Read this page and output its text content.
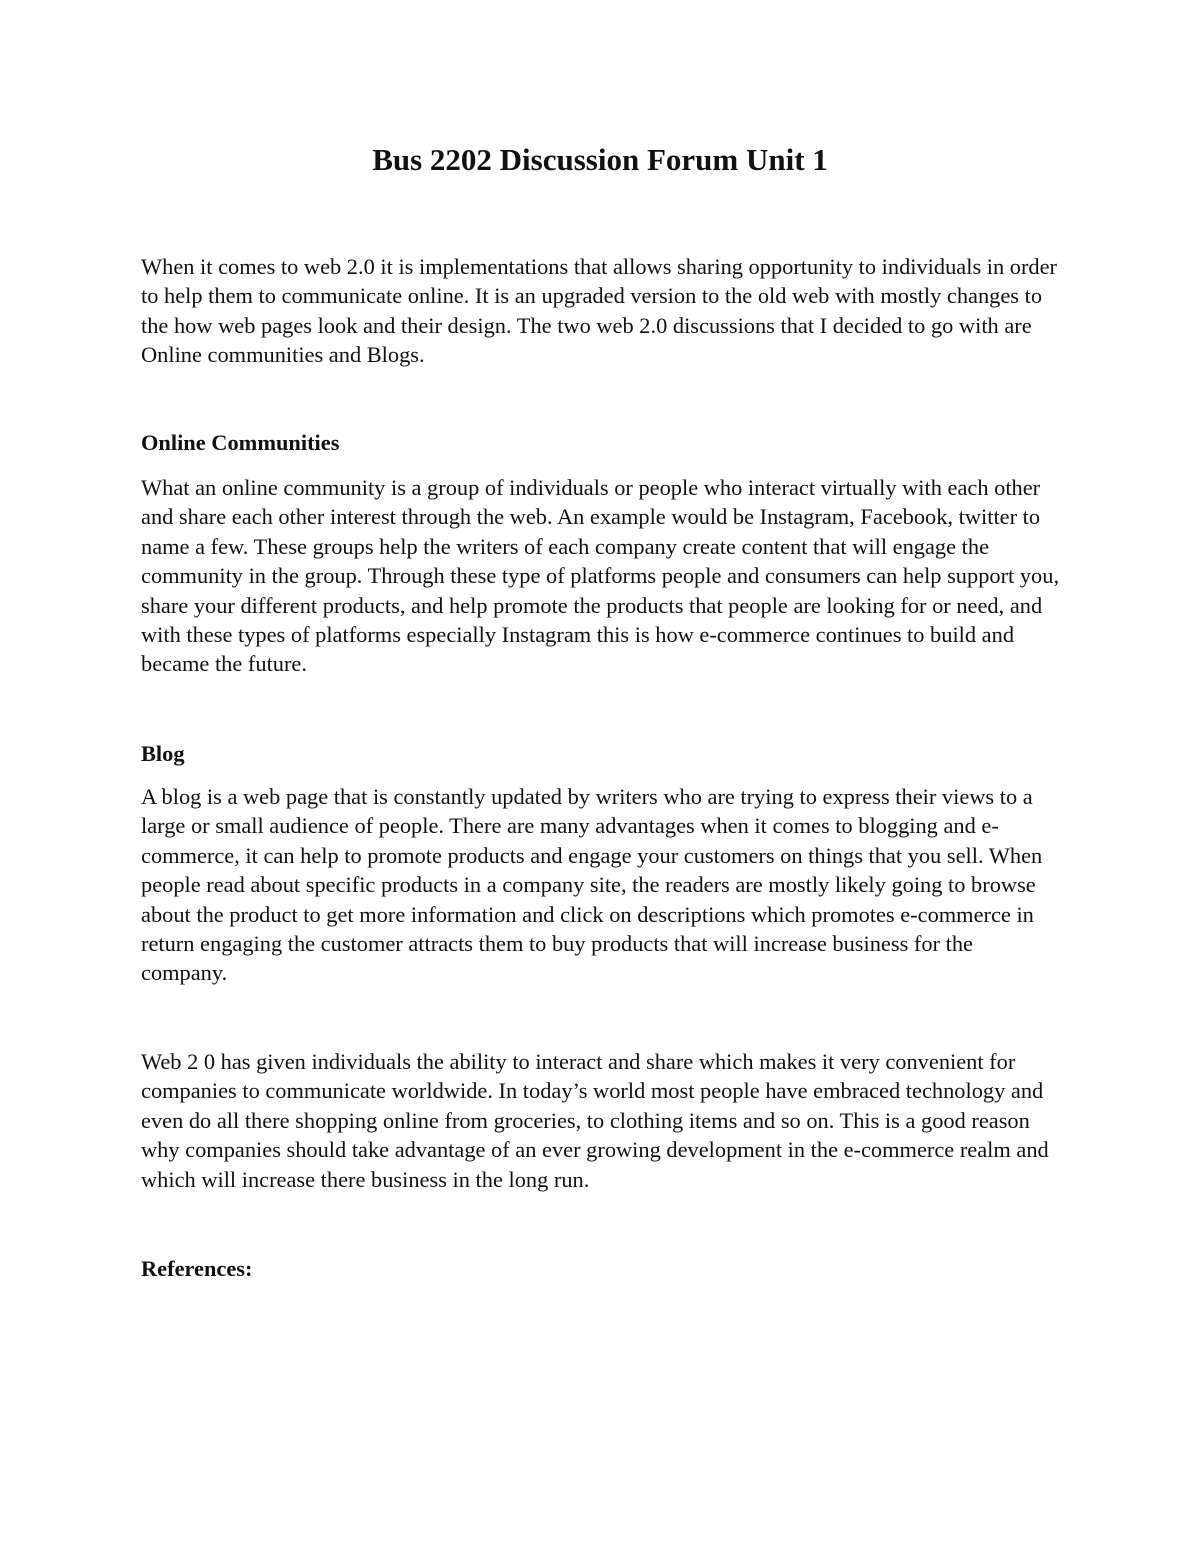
Bus 2202 Discussion Forum Unit 1

When it comes to web 2.0 it is implementations that allows sharing opportunity to individuals in order to help them to communicate online. It is an upgraded version to the old web with mostly changes to the how web pages look and their design. The two web 2.0 discussions that I decided to go with are Online communities and Blogs.

Online Communities

What an online community is a group of individuals or people who interact virtually with each other and share each other interest through the web. An example would be Instagram, Facebook, twitter to name a few. These groups help the writers of each company create content that will engage the community in the group. Through these type of platforms people and consumers can help support you, share your different products, and help promote the products that people are looking for or need, and with these types of platforms especially Instagram this is how e-commerce continues to build and became the future.

Blog

A blog is a web page that is constantly updated by writers who are trying to express their views to a large or small audience of people. There are many advantages when it comes to blogging and e-commerce, it can help to promote products and engage your customers on things that you sell. When people read about specific products in a company site, the readers are mostly likely going to browse about the product to get more information and click on descriptions which promotes e-commerce in return engaging the customer attracts them to buy products that will increase business for the company.

Web 2 0 has given individuals the ability to interact and share which makes it very convenient for companies to communicate worldwide. In today’s world most people have embraced technology and even do all there shopping online from groceries, to clothing items and so on. This is a good reason why companies should take advantage of an ever growing development in the e-commerce realm and which will increase there business in the long run.

References:
